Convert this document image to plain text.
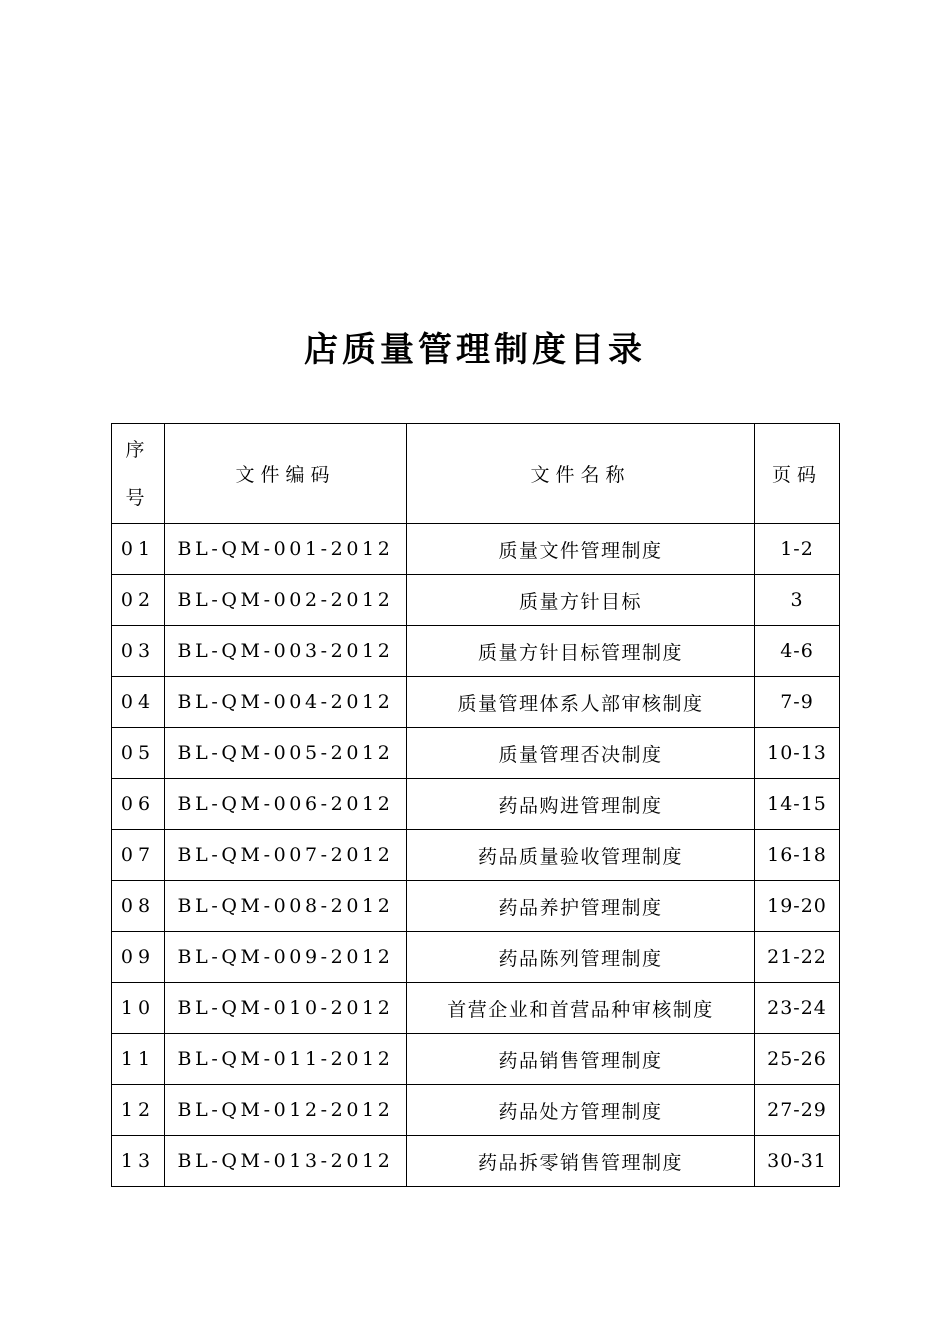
店质量管理制度目录
序
号	文件编码	文件名称	页码
01	BL-QM-001-2012	质量文件管理制度	1-2
02	BL-QM-002-2012	质量方针目标	3
03	BL-QM-003-2012	质量方针目标管理制度	4-6
04	BL-QM-004-2012	质量管理体系人部审核制度	7-9
05	BL-QM-005-2012	质量管理否决制度	10-13
06	BL-QM-006-2012	药品购进管理制度	14-15
07	BL-QM-007-2012	药品质量验收管理制度	16-18
08	BL-QM-008-2012	药品养护管理制度	19-20
09	BL-QM-009-2012	药品陈列管理制度	21-22
10	BL-QM-010-2012	首营企业和首营品种审核制度	23-24
11	BL-QM-011-2012	药品销售管理制度	25-26
12	BL-QM-012-2012	药品处方管理制度	27-29
13	BL-QM-013-2012	药品拆零销售管理制度	30-31
